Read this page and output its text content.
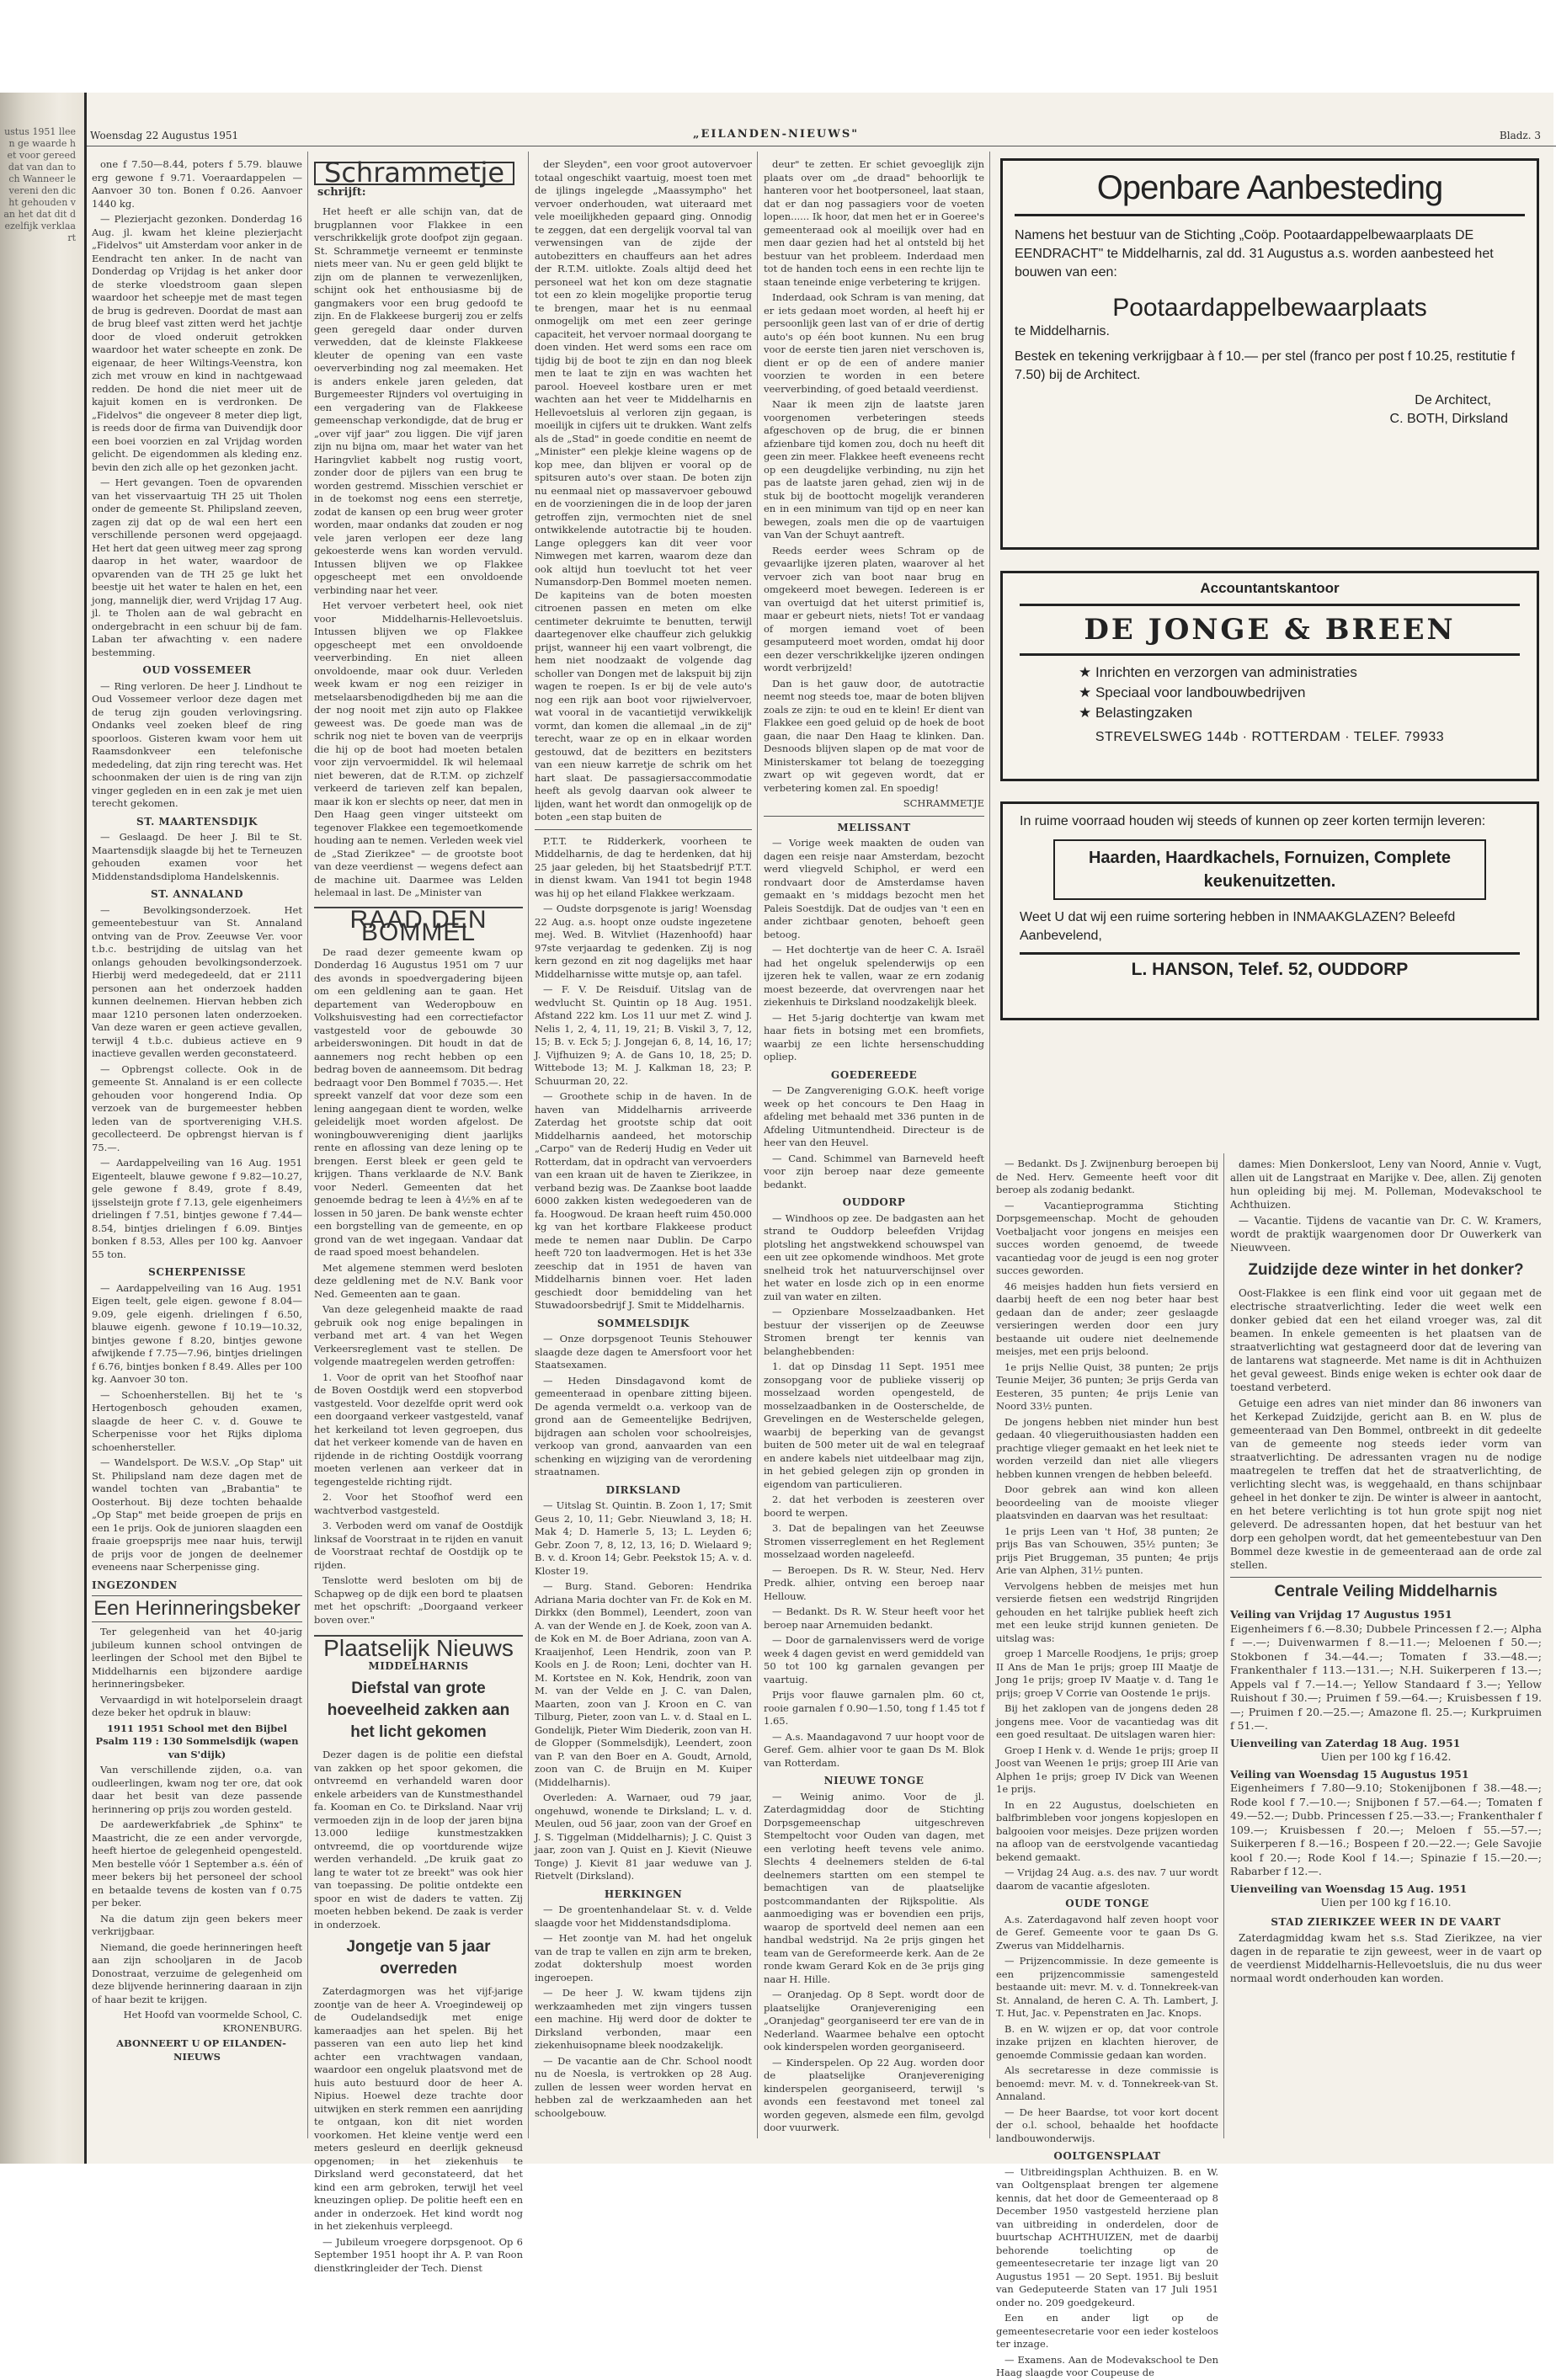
ustus 1951 lleen ge waarde het voor gereed dat van dan toch Wanneer le vereni den dicht gehouden van het dat dit dezelfijk verklaart
Woensdag 22 Augustus 1951	„EILANDEN-NIEUWS"	Bladz. 3

one f 7.50—8.44, poters f 5.79. blauwe erg gewone f 9.71. Voeraardappelen — Aanvoer 30 ton. Bonen f 0.26. Aanvoer 1440 kg.

— Plezierjacht gezonken. Donderdag 16 Aug. jl. kwam het kleine plezierjacht „Fidelvos" uit Amsterdam voor anker in de Eendracht ten anker. In de nacht van Donderdag op Vrijdag is het anker door de sterke vloedstroom gaan slepen waardoor het scheepje met de mast tegen de brug is gedreven. Doordat de mast aan de brug bleef vast zitten werd het jachtje door de vloed onderuit getrokken waardoor het water scheepte en zonk. De eigenaar, de heer Wiltings-Veenstra, kon zich met vrouw en kind in nachtgewaad redden. De hond die niet meer uit de kajuit komen en is verdronken. De „Fidelvos" die ongeveer 8 meter diep ligt, is reeds door de firma van Duivendijk door een boei voorzien en zal Vrijdag worden gelicht. De eigendommen als kleding enz. bevin den zich alle op het gezonken jacht.

— Hert gevangen. Toen de opvarenden van het visservaartuig TH 25 uit Tholen onder de gemeente St. Philipsland zeeven, zagen zij dat op de wal een hert een verschillende personen werd opgejaagd. Het hert dat geen uitweg meer zag sprong daarop in het water, waardoor de opvarenden van de TH 25 ge lukt het beestje uit het water te halen en het, een jong, mannelijk dier, werd Vrijdag 17 Aug. jl. te Tholen aan de wal gebracht en ondergebracht in een schuur bij de fam. Laban ter afwachting v. een nadere bestemming.

OUD VOSSEMEER

— Ring verloren. De heer J. Lindhout te Oud Vossemeer verloor deze dagen met de terug zijn gouden verlovingsring. Ondanks veel zoeken bleef de ring spoorloos. Gisteren kwam voor hem uit Raamsdonkveer een telefonische mededeling, dat zijn ring terecht was. Het schoonmaken der uien is de ring van zijn vinger gegleden en in een zak je met uien terecht gekomen.

ST. MAARTENSDIJK

— Geslaagd. De heer J. Bil te St. Maartensdijk slaagde bij het te Terneuzen gehouden examen voor het Middenstandsdiploma Handelskennis.

ST. ANNALAND

— Bevolkingsonderzoek. Het gemeentebestuur van St. Annaland ontving van de Prov. Zeeuwse Ver. voor t.b.c. bestrijding de uitslag van het onlangs gehouden bevolkingsonderzoek. Hierbij werd medegedeeld, dat er 2111 personen aan het onderzoek hadden kunnen deelnemen. Hiervan hebben zich maar 1210 personen laten onderzoeken. Van deze waren er geen actieve gevallen, terwijl 4 t.b.c. dubieus actieve en 9 inactieve gevallen werden geconstateerd.

— Opbrengst collecte. Ook in de gemeente St. Annaland is er een collecte gehouden voor hongerend India. Op verzoek van de burgemeester hebben leden van de sportvereniging V.H.S. gecollecteerd. De opbrengst hiervan is f 75.—.

— Aardappelveiling van 16 Aug. 1951 Eigenteelt, blauwe gewone f 9.82—10.27, gele gewone f 8.49, grote f 8.49, ijsselsteijn grote f 7.13, gele eigenheimers drielingen f 7.51, bintjes gewone f 7.44—8.54, bintjes drielingen f 6.09. Bintjes bonken f 8.53, Alles per 100 kg. Aanvoer 55 ton.

SCHERPENISSE

— Aardappelveiling van 16 Aug. 1951 Eigen teelt, gele eigen. gewone f 8.04—9.09, gele eigenh. drielingen f 6.50, blauwe eigenh. gewone f 10.19—10.32, bintjes gewone f 8.20, bintjes gewone afwijkende f 7.75—7.96, bintjes drielingen f 6.76, bintjes bonken f 8.49. Alles per 100 kg. Aanvoer 30 ton.

— Schoenherstellen. Bij het te 's Hertogenbosch gehouden examen, slaagde de heer C. v. d. Gouwe te Scherpenisse voor het Rijks diploma schoenhersteller.

— Wandelsport. De W.S.V. „Op Stap" uit St. Philipsland nam deze dagen met de wandel tochten van „Brabantia" te Oosterhout. Bij deze tochten behaalde „Op Stap" met beide groepen de prijs en een 1e prijs. Ook de junioren slaagden een fraaie groepsprijs mee naar huis, terwijl de prijs voor de jongen de deelnemer eveneens naar Scherpenisse ging.

INGEZONDEN
Een Herinneringsbeker

Ter gelegenheid van het 40-jarig jubileum kunnen school ontvingen de leerlingen der School met den Bijbel te Middelharnis een bijzondere aardige herinneringsbeker.

Vervaardigd in wit hotelporselein draagt deze beker het opdruk in blauw:

1911 1951 School met den Bijbel Psalm 119 : 130 Sommelsdijk (wapen van S'dijk)

Van verschillende zijden, o.a. van oudleerlingen, kwam nog ter ore, dat ook daar het besit van deze passende herinnering op prijs zou worden gesteld.

De aardewerkfabriek „de Sphinx" te Maastricht, die ze een ander vervorgde, heeft hiertoe de gelegenheid opengesteld. Men bestelle vóór 1 September a.s. één of meer bekers bij het personeel der school en betaalde tevens de kosten van f 0.75 per beker.

Na die datum zijn geen bekers meer verkrijgbaar.

Niemand, die goede herinneringen heeft aan zijn schooljaren in de Jacob Donostraat, verzuime de gelegenheid om deze blijvende herinnering daaraan in zijn of haar bezit te krijgen.

Het Hoofd van voormelde School, C. KRONENBURG.

ABONNEERT U OP EILANDEN-NIEUWS

Schrammetje schrijft:

Het heeft er alle schijn van, dat de brugplannen voor Flakkee in een verschrikkelijk grote doofpot zijn gegaan. St. Schrammetje verneemt er tenminste niets meer van. Nu er geen geld blijkt te zijn om de plannen te verwezenlijken, schijnt ook het enthousiasme bij de gangmakers voor een brug gedoofd te zijn. En de Flakkeese burgerij zou er zelfs geen geregeld daar onder durven verwedden, dat de kleinste Flakkeese kleuter de opening van een vaste oeververbinding nog zal meemaken. Het is anders enkele jaren geleden, dat Burgemeester Rijnders vol overtuiging in een vergadering van de Flakkeese gemeenschap verkondigde, dat de brug er „over vijf jaar" zou liggen. Die vijf jaren zijn nu bijna om, maar het water van het Haringvliet kabbelt nog rustig voort, zonder door de pijlers van een brug te worden gestremd. Misschien verschiet er in de toekomst nog eens een sterretje, zodat de kansen op een brug weer groter worden, maar ondanks dat zouden er nog vele jaren verlopen eer deze lang gekoesterde wens kan worden vervuld. Intussen blijven we op Flakkee opgescheept met een onvoldoende verbinding naar het veer.

Het vervoer verbetert heel, ook niet voor Middelharnis-Hellevoetsluis. Intussen blijven we op Flakkee opgescheept met een onvoldoende veerverbinding. En niet alleen onvoldoende, maar ook duur. Verleden week kwam er nog een reiziger in metselaarsbenodigdheden bij me aan die der nog nooit met zijn auto op Flakkee geweest was. De goede man was de schrik nog niet te boven van de veerprijs die hij op de boot had moeten betalen voor zijn vervoermiddel. Ik wil helemaal niet beweren, dat de R.T.M. op zichzelf verkeerd de tarieven zelf kan bepalen, maar ik kon er slechts op neer, dat men in Den Haag geen vinger uitsteekt om tegenover Flakkee een tegemoetkomende houding aan te nemen. Verleden week viel de „Stad Zierikzee" — de grootste boot van deze veerdienst — wegens defect aan de machine uit. Daarmee was Lelden helemaal in last. De „Minister van

RAAD DEN BOMMEL

De raad dezer gemeente kwam op Donderdag 16 Augustus 1951 om 7 uur des avonds in spoedvergadering bijeen om een geldlening aan te gaan. Het departement van Wederopbouw en Volkshuisvesting had een correctiefactor vastgesteld voor de gebouwde 30 arbeiderswoningen. Dit houdt in dat de aannemers nog recht hebben op een bedrag boven de aanneemsom. Dit bedrag bedraagt voor Den Bommel f 7035.—. Het spreekt vanzelf dat voor deze som een lening aangegaan dient te worden, welke geleidelijk moet worden afgelost. De woningbouwvereniging dient jaarlijks rente en aflossing van deze lening op te brengen. Eerst bleek er geen geld te krijgen. Thans verklaarde de N.V. Bank voor Nederl. Gemeenten dat het genoemde bedrag te leen à 4½% en af te lossen in 50 jaren. De bank wenste echter een borgstelling van de gemeente, en op grond van de wet ingegaan. Vandaar dat de raad spoed moest behandelen.

Met algemene stemmen werd besloten deze geldlening met de N.V. Bank voor Ned. Gemeenten aan te gaan.

Van deze gelegenheid maakte de raad gebruik ook nog enige bepalingen in verband met art. 4 van het Wegen Verkeersreglement vast te stellen. De volgende maatregelen werden getroffen:

1. Voor de oprit van het Stoofhof naar de Boven Oostdijk werd een stopverbod vastgesteld. Voor dezelfde oprit werd ook een doorgaand verkeer vastgesteld, vanaf het kerkeiland tot leven gegroepen, dus dat het verkeer komende van de haven en rijdende in de richting Oostdijk voorrang moeten verlenen aan verkeer dat in tegengestelde richting rijdt.

2. Voor het Stoofhof werd een wachtverbod vastgesteld.

3. Verboden werd om vanaf de Oostdijk linksaf de Voorstraat in te rijden en vanuit de Voorstraat rechtaf de Oostdijk op te rijden.

Tenslotte werd besloten om bij de Schapweg op de dijk een bord te plaatsen met het opschrift: „Doorgaand verkeer boven over."

Plaatselijk Nieuws
MIDDELHARNIS
Diefstal van grote hoeveelheid zakken aan het licht gekomen

Dezer dagen is de politie een diefstal van zakken op het spoor gekomen, die ontvreemd en verhandeld waren door enkele arbeiders van de Kunstmesthandel fa. Kooman en Co. te Dirksland. Naar vrij vermoeden zijn in de loop der jaren bijna 13.000 lediige kunstmestzakken ontvreemd, die op voortdurende wijze werden verhandeld. „De kruik gaat zo lang te water tot ze breekt" was ook hier van toepassing. De politie ontdekte een spoor en wist de daders te vatten. Zij moeten hebben bekend. De zaak is verder in onderzoek.

Jongetje van 5 jaar overreden

Zaterdagmorgen was het vijf-jarige zoontje van de heer A. Vroegindeweij op de Oudelandsedijk met enige kameraadjes aan het spelen. Bij het passeren van een auto liep het kind achter een vrachtwagen vandaan, waardoor een ongeluk plaatsvond met de huis auto bestuurd door de heer A. Nipius. Hoewel deze trachte door uitwijken en sterk remmen een aanrijding te ontgaan, kon dit niet worden voorkomen. Het kleine ventje werd een meters gesleurd en deerlijk gekneusd opgenomen; in het ziekenhuis te Dirksland werd geconstateerd, dat het kind een arm gebroken, terwijl het veel kneuzingen opliep. De politie heeft een en ander in onderzoek. Het kind wordt nog in het ziekenhuis verpleegd.

— Jubileum vroegere dorpsgenoot. Op 6 September 1951 hoopt ihr A. P. van Roon dienstkringleider der Tech. Dienst

der Sleyden", een voor groot autovervoer totaal ongeschikt vaartuig, moest toen met de ijlings ingelegde „Maassympho" het vervoer onderhouden, wat uiteraard met vele moeilijkheden gepaard ging. Onnodig te zeggen, dat een dergelijk voorval tal van verwensingen van de zijde der autobezitters en chauffeurs aan het adres der R.T.M. uitlokte. Zoals altijd deed het personeel wat het kon om deze stagnatie tot een zo klein mogelijke proportie terug te brengen, maar het is nu eenmaal onmogelijk om met een zeer geringe capaciteit, het vervoer normaal doorgang te doen vinden. Het werd soms een race om tijdig bij de boot te zijn en dan nog bleek men te laat te zijn en was wachten het parool. Hoeveel kostbare uren er met wachten aan het veer te Middelharnis en Hellevoetsluis al verloren zijn gegaan, is moeilijk in cijfers uit te drukken. Want zelfs als de „Stad" in goede conditie en neemt de „Minister" een plekje kleine wagens op de kop mee, dan blijven er vooral op de spitsuren auto's over staan. De boten zijn nu eenmaal niet op massavervoer gebouwd en de voorzieningen die in de loop der jaren getroffen zijn, vermochten niet de snel ontwikkelende autotractie bij te houden. Lange opleggers kan dit veer voor Nimwegen met karren, waarom deze dan ook altijd hun toevlucht tot het veer Numansdorp-Den Bommel moeten nemen. De kapiteins van de boten moesten citroenen passen en meten om elke centimeter dekruimte te benutten, terwijl daartegenover elke chauffeur zich gelukkig prijst, wanneer hij een vaart volbrengt, die hem niet noodzaakt de volgende dag scholler van Dongen met de lakspuit bij zijn wagen te roepen. Is er bij de vele auto's nog een rijk aan boot voor rijwielvervoer, wat vooral in de vacantietijd verwikkelijk vormt, dan komen die allemaal „in de zij" terecht, waar ze op en in elkaar worden gestouwd, dat de bezitters en bezitsters van een nieuw karretje de schrik om het hart slaat. De passagiersaccommodatie heeft als gevolg daarvan ook alweer te lijden, want het wordt dan onmogelijk op de boten „een stap buiten de

P.T.T. te Ridderkerk, voorheen te Middelharnis, de dag te herdenken, dat hij 25 jaar geleden, bij het Staatsbedrijf P.T.T. in dienst kwam. Van 1941 tot begin 1948 was hij op het eiland Flakkee werkzaam.

— Oudste dorpsgenote is jarig! Woensdag 22 Aug. a.s. hoopt onze oudste ingezetene mej. Wed. B. Witvliet (Hazenhoofd) haar 97ste verjaardag te gedenken. Zij is nog kern gezond en zit nog dagelijks met haar Middelharnisse witte mutsje op, aan tafel.

— F. V. De Reisduif. Uitslag van de wedvlucht St. Quintin op 18 Aug. 1951. Afstand 222 km. Los 11 uur met Z. wind J. Nelis 1, 2, 4, 11, 19, 21; B. Viskil 3, 7, 12, 15; B. v. Eck 5; J. Jongejan 6, 8, 14, 16, 17; J. Vijfhuizen 9; A. de Gans 10, 18, 25; D. Wittebode 13; M. J. Kalkman 18, 23; P. Schuurman 20, 22.

— Groothete schip in de haven. In de haven van Middelharnis arriveerde Zaterdag het grootste schip dat ooit Middelharnis aandeed, het motorschip „Carpo" van de Rederij Hudig en Veder uit Rotterdam, dat in opdracht van vervoerders van een kraan uit de haven te Zierikzee, in verband bezig was. De Zaankse boot laadde 6000 zakken kisten wedegoederen van de fa. Hoogwoud. De kraan heeft ruim 450.000 kg van het kortbare Flakkeese product mede te nemen naar Dublin. De Carpo heeft 720 ton laadvermogen. Het is het 33e zeeschip dat in 1951 de haven van Middelharnis binnen voer. Het laden geschiedt door bemiddeling van het Stuwadoorsbedrijf J. Smit te Middelharnis.

SOMMELSDIJK

— Onze dorpsgenoot Teunis Stehouwer slaagde deze dagen te Amersfoort voor het Staatsexamen.

— Heden Dinsdagavond komt de gemeenteraad in openbare zitting bijeen. De agenda vermeldt o.a. verkoop van de grond aan de Gemeentelijke Bedrijven, bijdragen aan scholen voor schoolreisjes, verkoop van grond, aanvaarden van een schenking en wijziging van de verordening straatnamen.

DIRKSLAND

— Uitslag St. Quintin. B. Zoon 1, 17; Smit Geus 2, 10, 11; Gebr. Nieuwland 3, 18; H. Mak 4; D. Hamerle 5, 13; L. Leyden 6; Gebr. Zoon 7, 8, 12, 13, 16; D. Wielaard 9; B. v. d. Kroon 14; Gebr. Peekstok 15; A. v. d. Kloster 19.

— Burg. Stand. Geboren: Hendrika Adriana Maria dochter van Fr. de Kok en M. Dirkkx (den Bommel), Leendert, zoon van A. van der Wende en J. de Koek, zoon van A. de Kok en M. de Boer Adriana, zoon van A. Kraaijenhof, Leen Hendrik, zoon van P. Kools en J. de Roon; Leni, dochter van H. M. Kortstee en N. Kok, Hendrik, zoon van M. van der Velde en J. C. van Dalen, Maarten, zoon van J. Kroon en C. van Tilburg, Pieter, zoon van L. v. d. Staal en L. Gondelijk, Pieter Wim Diederik, zoon van H. de Glopper (Sommelsdijk), Leendert, zoon van P. van den Boer en A. Goudt, Arnold, zoon van C. de Bruijn en M. Kuiper (Middelharnis).

Overleden: A. Warnaer, oud 79 jaar, ongehuwd, wonende te Dirksland; L. v. d. Meulen, oud 56 jaar, zoon van der Groef en J. S. Tiggelman (Middelharnis); J. C. Quist 3 jaar, zoon van J. Quist en J. Kievit (Nieuwe Tonge) J. Kievit 81 jaar weduwe van J. Rietvelt (Dirksland).

HERKINGEN

— De groentenhandelaar St. v. d. Velde slaagde voor het Middenstandsdiploma.

— Het zoontje van M. had het ongeluk van de trap te vallen en zijn arm te breken, zodat doktershulp moest worden ingeroepen.

— De heer J. W. kwam tijdens zijn werkzaamheden met zijn vingers tussen een machine. Hij werd door de dokter te Dirksland verbonden, maar een ziekenhuisopname bleek noodzakelijk.

— De vacantie aan de Chr. School noodt nu de Noesla, is vertrokken op 28 Aug. zullen de lessen weer worden hervat en hebben zal de werkzaamheden aan het schoolgebouw.

deur" te zetten. Er schiet gevoeglijk zijn plaats over om „de draad" behoorlijk te hanteren voor het bootpersoneel, laat staan, dat er dan nog passagiers voor de voeten lopen...... Ik hoor, dat men het er in Goeree's gemeenteraad ook al moeilijk over had en men daar gezien had het al ontsteld bij het bestuur van het probleem. Inderdaad men tot de handen toch eens in een rechte lijn te staan teneinde enige verbetering te krijgen.

Inderdaad, ook Schram is van mening, dat er iets gedaan moet worden, al heeft hij er persoonlijk geen last van of er drie of dertig auto's op één boot kunnen. Nu een brug voor de eerste tien jaren niet verschoven is, dient er op de een of andere manier voorzien te worden in een betere veerverbinding, of goed betaald veerdienst.

Naar ik meen zijn de laatste jaren voorgenomen verbeteringen steeds afgeschoven op de brug, die er binnen afzienbare tijd komen zou, doch nu heeft dit geen zin meer. Flakkee heeft eveneens recht op een deugdelijke verbinding, nu zijn het pas de laatste jaren gehad, zien wij in de stuk bij de boottocht mogelijk veranderen en in een minimum van tijd op en neer kan bewegen, zoals men die op de vaartuigen van Van der Schuyt aantreft.

Reeds eerder wees Schram op de gevaarlijke ijzeren platen, waarover al het vervoer zich van boot naar brug en omgekeerd moet bewegen. Iedereen is er van overtuigd dat het uiterst primitief is, maar er gebeurt niets, niets! Tot er vandaag of morgen iemand voet of been gesamputeerd moet worden, omdat hij door een dezer verschrikkelijke ijzeren ondingen wordt verbrijzeld!

Dan is het gauw door, de autotractie neemt nog steeds toe, maar de boten blijven zoals ze zijn: te oud en te klein! Er dient van Flakkee een goed geluid op de hoek de boot gaan, die naar Den Haag te klinken. Dan. Desnoods blijven slapen op de mat voor de Ministerskamer tot belang de toezegging zwart op wit gegeven wordt, dat er verbetering komen zal. En spoedig!

SCHRAMMETJE

MELISSANT

— Vorige week maakten de ouden van dagen een reisje naar Amsterdam, bezocht werd vliegveld Schiphol, er werd een rondvaart door de Amsterdamse haven gemaakt en 's middags bezocht men het Paleis Soestdijk. Dat de oudjes van 't een en ander zichtbaar genoten, behoeft geen betoog.

— Het dochtertje van de heer C. A. Israël had het ongeluk spelenderwijs op een ijzeren hek te vallen, waar ze ern zodanig moest bezeerde, dat overvrengen naar het ziekenhuis te Dirksland noodzakelijk bleek.

— Het 5-jarig dochtertje van kwam met haar fiets in botsing met een bromfiets, waarbij ze een lichte hersenschudding opliep.

GOEDEREEDE

— De Zangvereniging G.O.K. heeft vorige week op het concours te Den Haag in afdeling met behaald met 336 punten in de Afdeling Uitmuntendheid. Directeur is de heer van den Heuvel.

— Cand. Schimmel van Barneveld heeft voor zijn beroep naar deze gemeente bedankt.

OUDDORP

— Windhoos op zee. De badgasten aan het strand te Ouddorp beleefden Vrijdag plotsling het angstwekkend schouwspel van een uit zee opkomende windhoos. Met grote snelheid trok het natuurverschijnsel over het water en losde zich op in een enorme zuil van water en zilten.

— Opzienbare Mosselzaadbanken. Het bestuur der visserijen op de Zeeuwse Stromen brengt ter kennis van belanghebbenden:

1. dat op Dinsdag 11 Sept. 1951 mee zonsopgang voor de publieke visserij op mosselzaad worden opengesteld, de mosselzaadbanken in de Oosterschelde, de Grevelingen en de Westerschelde gelegen, waarbij de beperking van de gevangst buiten de 500 meter uit de wal en telegraaf en andere kabels niet uitdeelbaar mag zijn, in het gebied gelegen zijn op gronden in eigendom van particulieren.

2. dat het verboden is zeesteren over boord te werpen.

3. Dat de bepalingen van het Zeeuwse Stromen visserreglement en het Reglement mosselzaad worden nageleefd.

— Beroepen. Ds R. W. Steur, Ned. Herv Predk. alhier, ontving een beroep naar Hellouw.

— Bedankt. Ds R. W. Steur heeft voor het beroep naar Arnemuiden bedankt.

— Door de garnalenvissers werd de vorige week 4 dagen gevist en werd gemiddeld van 50 tot 100 kg garnalen gevangen per vaartuig.

Prijs voor flauwe garnalen plm. 60 ct, rooie garnalen f 0.90—1.50, tong f 1.45 tot f 1.65.

— A.s. Maandagavond 7 uur hoopt voor de Geref. Gem. alhier voor te gaan Ds M. Blok van Rotterdam.

NIEUWE TONGE

— Weinig animo. Voor de jl. Zaterdagmiddag door de Stichting Dorpsgemeenschap uitgeschreven Stempeltocht voor Ouden van dagen, met een verloting heeft tevens vele animo. Slechts 4 deelnemers stelden de 6-tal deelnemers startten om een stempel te bemachtigen van de plaatselijke postcommandanten der Rijkspolitie. Als aanmoediging was er bovendien een prijs, waarop de sportveld deel nemen aan een handbal wedstrijd. Na 2e prijs gingen het team van de Gereformeerde kerk. Aan de 2e ronde kwam Gerard Kok en de 3e prijs ging naar H. Hille.

— Oranjedag. Op 8 Sept. wordt door de plaatselijke Oranjevereniging een „Oranjedag" georganiseerd ter ere van de in Nederland. Waarmee behalve een optocht ook kinderspelen worden georganiseerd.

— Kinderspelen. Op 22 Aug. worden door de plaatselijke Oranjevereniging kinderspelen georganiseerd, terwijl 's avonds een feestavond met toneel zal worden gegeven, alsmede een film, gevolgd door vuurwerk.

Openbare Aanbesteding
Namens het bestuur van de Stichting „Coöp. Pootaardappelbewaarplaats DE EENDRACHT" te Middelharnis, zal dd. 31 Augustus a.s. worden aanbesteed het bouwen van een:
Pootaardappelbewaarplaats
te Middelharnis.
Bestek en tekening verkrijgbaar à f 10.— per stel (franco per post f 10.25, restitutie f 7.50) bij de Architect.
De Architect,
C. BOTH, Dirksland
Accountantskantoor
DE JONGE & BREEN
★ Inrichten en verzorgen van administraties
★ Speciaal voor landbouwbedrijven
★ Belastingzaken
STREVELSWEG 144b · ROTTERDAM · TELEF. 79933
In ruime voorraad houden wij steeds of kunnen op zeer korten termijn leveren:
Haarden, Haardkachels, Fornuizen, Complete keukenuitzetten.
Weet U dat wij een ruime sortering hebben in INMAAKGLAZEN? Beleefd Aanbevelend,
L. HANSON, Telef. 52, OUDDORP

— Bedankt. Ds J. Zwijnenburg beroepen bij de Ned. Herv. Gemeente heeft voor dit beroep als zodanig bedankt.

— Vacantieprogramma Stichting Dorpsgemeenschap. Mocht de gehouden Voetbaljacht voor jongens en meisjes een succes worden genoemd, de tweede vacantiedag voor de jeugd is een nog groter succes geworden.

46 meisjes hadden hun fiets versierd en daarbij heeft de een nog beter haar best gedaan dan de ander; zeer geslaagde versieringen werden door een jury bestaande uit oudere niet deelnemende meisjes, met een prijs beloond.

1e prijs Nellie Quist, 38 punten; 2e prijs Teunie Meijer, 36 punten; 3e prijs Gerda van Eesteren, 35 punten; 4e prijs Lenie van Noord 33½ punten.

De jongens hebben niet minder hun best gedaan. 40 vliegeruithousiasten hadden een prachtige vlieger gemaakt en het leek niet te worden verzeild dan niet alle vliegers hebben kunnen vrengen de hebben beleefd.

Door gebrek aan wind kon alleen beoordeeling van de mooiste vlieger plaatsvinden en daarvan was het resultaat:

1e prijs Leen van 't Hof, 38 punten; 2e prijs Bas van Schouwen, 35½ punten; 3e prijs Piet Bruggeman, 35 punten; 4e prijs Arie van Alphen, 31½ punten.

Vervolgens hebben de meisjes met hun versierde fietsen een wedstrijd Ringrijden gehouden en het talrijke publiek heeft zich met een leuke strijd kunnen genieten. De uitslag was:

groep 1 Marcelle Roodjens, 1e prijs; groep II Ans de Man 1e prijs; groep III Maatje de Jong 1e prijs; groep IV Maatje v. d. Tang 1e prijs; groep V Corrie van Oostende 1e prijs.

Bij het zaklopen van de jongens deden 28 jongens mee. Voor de vacantiedag was dit een goed resultaat. De uitslagen waren hier:

Groep I Henk v. d. Wende 1e prijs; groep II Joost van Weenen 1e prijs; groep III Arie van Alphen 1e prijs; groep IV Dick van Weenen 1e prijs.

In en 22 Augustus, doelschieten en balfbrimbleben voor jongens kopjeslopen en balgooien voor meisjes. Deze prijzen worden na afloop van de eerstvolgende vacantiedag bekend gemaakt.

— Vrijdag 24 Aug. a.s. des nav. 7 uur wordt daarom de vacantie afgesloten.

OUDE TONGE

A.s. Zaterdagavond half zeven hoopt voor de Geref. Gemeente voor te gaan Ds G. Zwerus van Middelharnis.

— Prijzencommissie. In deze gemeente is een prijzencommissie samengesteld bestaande uit: mevr. M. v. d. Tonnekreek-van St. Annaland, de heren C. A. Th. Lambert, J. T. Hut, Jac. v. Pepenstraten en Jac. Knops.

B. en W. wijzen er op, dat voor controle inzake prijzen en klachten hierover, de genoemde Commissie gedaan kan worden.

Als secretaresse in deze commissie is benoemd: mevr. M. v. d. Tonnekreek-van St. Annaland.

— De heer Baardse, tot voor kort docent der o.l. school, behaalde het hoofdacte landbouwonderwijs.

OOLTGENSPLAAT

— Uitbreidingsplan Achthuizen. B. en W. van Ooltgensplaat brengen ter algemene kennis, dat het door de Gemeenteraad op 8 December 1950 vastgesteld herziene plan van uitbreiding in onderdelen, door de buurtschap ACHTHUIZEN, met de daarbij behorende toelichting op de gemeentesecretarie ter inzage ligt van 20 Augustus 1951 — 20 Sept. 1951. Bij besluit van Gedeputeerde Staten van 17 Juli 1951 onder no. 209 goedgekeurd.

Een en ander ligt op de gemeentesecretarie voor een ieder kosteloos ter inzage.

— Examens. Aan de Modevakschool te Den Haag slaagde voor Coupeuse de

dames: Mien Donkersloot, Leny van Noord, Annie v. Vugt, allen uit de Langstraat en Marijke v. Dee, allen. Zij genoten hun opleiding bij mej. M. Polleman, Modevakschool te Achthuizen.

— Vacantie. Tijdens de vacantie van Dr. C. W. Kramers, wordt de praktijk waargenomen door Dr Ouwerkerk van Nieuwveen.

Zuidzijde deze winter in het donker?

Oost-Flakkee is een flink eind voor uit gegaan met de electrische straatverlichting. Ieder die weet welk een donker gebied dat een het eiland vroeger was, zal dit beamen. In enkele gemeenten is het plaatsen van de straatverlichting wat gestagneerd door dat de levering van de lantarens wat stagneerde. Met name is dit in Achthuizen het geval geweest. Binds enige weken is echter ook daar de toestand verbeterd.

Getuige een adres van niet minder dan 86 inwoners van het Kerkepad Zuidzijde, gericht aan B. en W. plus de gemeenteraad van Den Bommel, ontbreekt in dit gedeelte van de gemeente nog steeds ieder vorm van straatverlichting. De adressanten vragen nu de nodige maatregelen te treffen dat het de straatverlichting, de verlichting slecht was, is weggehaald, en thans schijnbaar geheel in het donker te zijn. De winter is alweer in aantocht, en het betere verlichting is tot hun grote spijt nog niet geleverd. De adressanten hopen, dat het bestuur van het dorp een geholpen wordt, dat het gemeentebestuur van Den Bommel deze kwestie in de gemeenteraad aan de orde zal stellen.

Centrale Veiling Middelharnis
Veiling van Vrijdag 17 Augustus 1951
Eigenheimers f 6.—8.30; Dubbele Princessen f 2.—; Alpha f —.—; Duivenwarmen f 8.—11.—; Meloenen f 50.—; Stokbonen f 34.—44.—; Tomaten f 33.—48.—; Frankenthaler f 113.—131.—; N.H. Suikerperen f 13.—; Appels val f 7.—14.—; Yellow Standaard f 3.—; Yellow Ruishout f 30.—; Pruimen f 59.—64.—; Kruisbessen f 19.—; Pruimen f 20.—25.—; Amazone fl. 25.—; Kurkpruimen f 51.—.
Uienveiling van Zaterdag 18 Aug. 1951
Uien per 100 kg f 16.42.
Veiling van Woensdag 15 Augustus 1951
Eigenheimers f 7.80—9.10; Stokenijbonen f 38.—48.—; Rode kool f 7.—10.—; Snijbonen f 57.—64.—; Tomaten f 49.—52.—; Dubb. Princessen f 25.—33.—; Frankenthaler f 109.—; Kruisbessen f 20.—; Meloen f 55.—57.—; Suikerperen f 8.—16.; Bospeen f 20.—22.—; Gele Savojie kool f 20.—; Rode Kool f 14.—; Spinazie f 15.—20.—; Rabarber f 12.—.
Uienveiling van Woensdag 15 Aug. 1951
Uien per 100 kg f 16.10.
STAD ZIERIKZEE WEER IN DE VAART

Zaterdagmiddag kwam het s.s. Stad Zierikzee, na vier dagen in de reparatie te zijn geweest, weer in de vaart op de veerdienst Middelharnis-Hellevoetsluis, die nu dus weer normaal wordt onderhouden kan worden.
